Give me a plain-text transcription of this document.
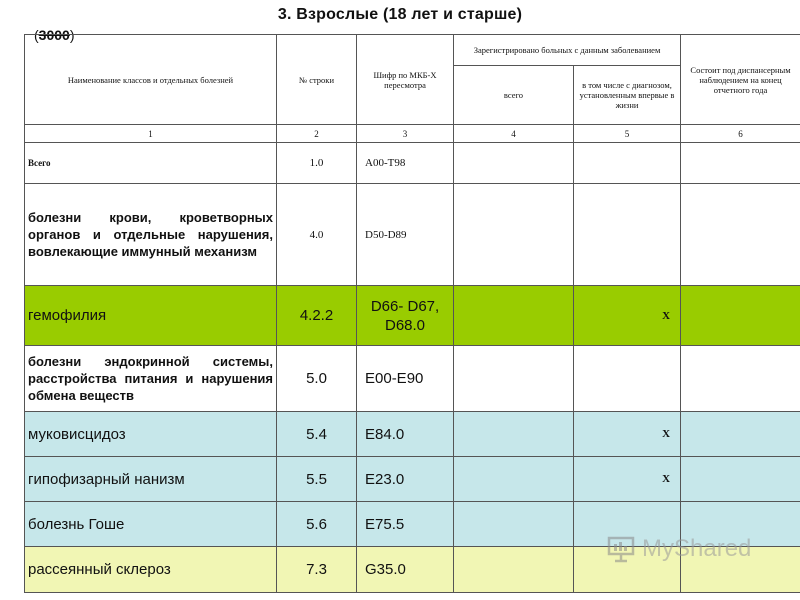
3. Взрослые (18 лет и старше)
(3000)
Наименование классов и отдельных болезней	№ строки	Шифр по МКБ-Х пересмотра	Зарегистрировано больных с данным заболеванием		Состоит под диспансерным наблюдением на конец отчетного года
			всего	в том числе с диагнозом, установленным впервые в жизни	
1	2	3	4	5	6
Всего	1.0	A00-T98			
болезни крови, кроветворных органов и отдельные нарушения, вовлекающие иммунный механизм	4.0	D50-D89			
гемофилия	4.2.2	D66- D67, D68.0		X	
болезни эндокринной системы, расстройства питания и нарушения обмена веществ	5.0	E00-E90			
муковисцидоз	5.4	E84.0		X	
гипофизарный нанизм	5.5	E23.0		X	
болезнь Гоше	5.6	E75.5			
рассеянный склероз	7.3	G35.0			
MyShared
